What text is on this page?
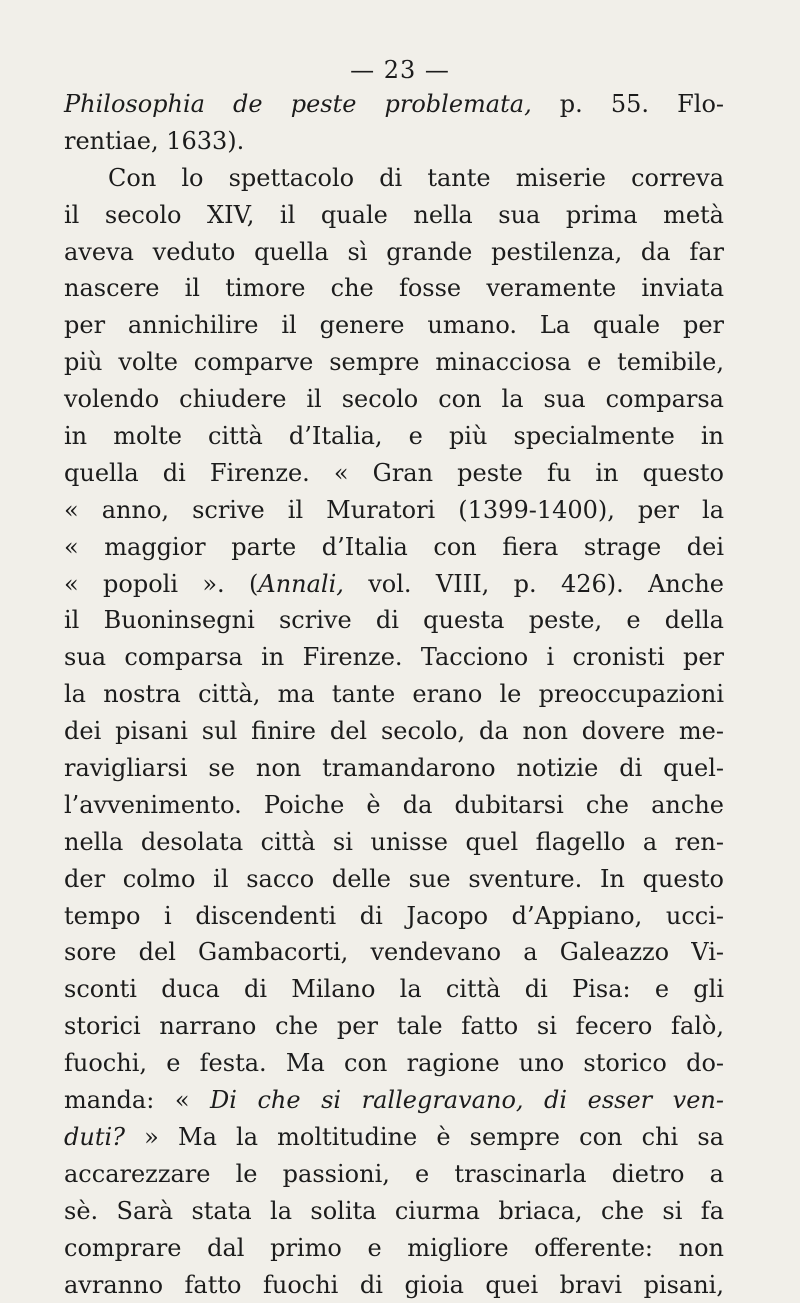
— 23 —
Philosophia de peste problemata, p. 55. Flo-
rentiae, 1633).
Con lo spettacolo di tante miserie correva
il secolo XIV, il quale nella sua prima metà
aveva veduto quella sì grande pestilenza, da far
nascere il timore che fosse veramente inviata
per annichilire il genere umano. La quale per
più volte comparve sempre minacciosa e temibile,
volendo chiudere il secolo con la sua comparsa
in molte città d’Italia, e più specialmente in
quella di Firenze. « Gran peste fu in questo
« anno, scrive il Muratori (1399-1400), per la
« maggior parte d’Italia con fiera strage dei
« popoli ». (Annali, vol. VIII, p. 426). Anche
il Buoninsegni scrive di questa peste, e della
sua comparsa in Firenze. Tacciono i cronisti per
la nostra città, ma tante erano le preoccupazioni
dei pisani sul finire del secolo, da non dovere me-
ravigliarsi se non tramandarono notizie di quel-
l’avvenimento. Poiche è da dubitarsi che anche
nella desolata città si unisse quel flagello a ren-
der colmo il sacco delle sue sventure. In questo
tempo i discendenti di Jacopo d’Appiano, ucci-
sore del Gambacorti, vendevano a Galeazzo Vi-
sconti duca di Milano la città di Pisa: e gli
storici narrano che per tale fatto si fecero falò,
fuochi, e festa. Ma con ragione uno storico do-
manda: « Di che si rallegravano, di esser ven-
duti? » Ma la moltitudine è sempre con chi sa
accarezzare le passioni, e trascinarla dietro a
sè. Sarà stata la solita ciurma briaca, che si fa
comprare dal primo e migliore offerente: non
avranno fatto fuochi di gioia quei bravi pisani,
